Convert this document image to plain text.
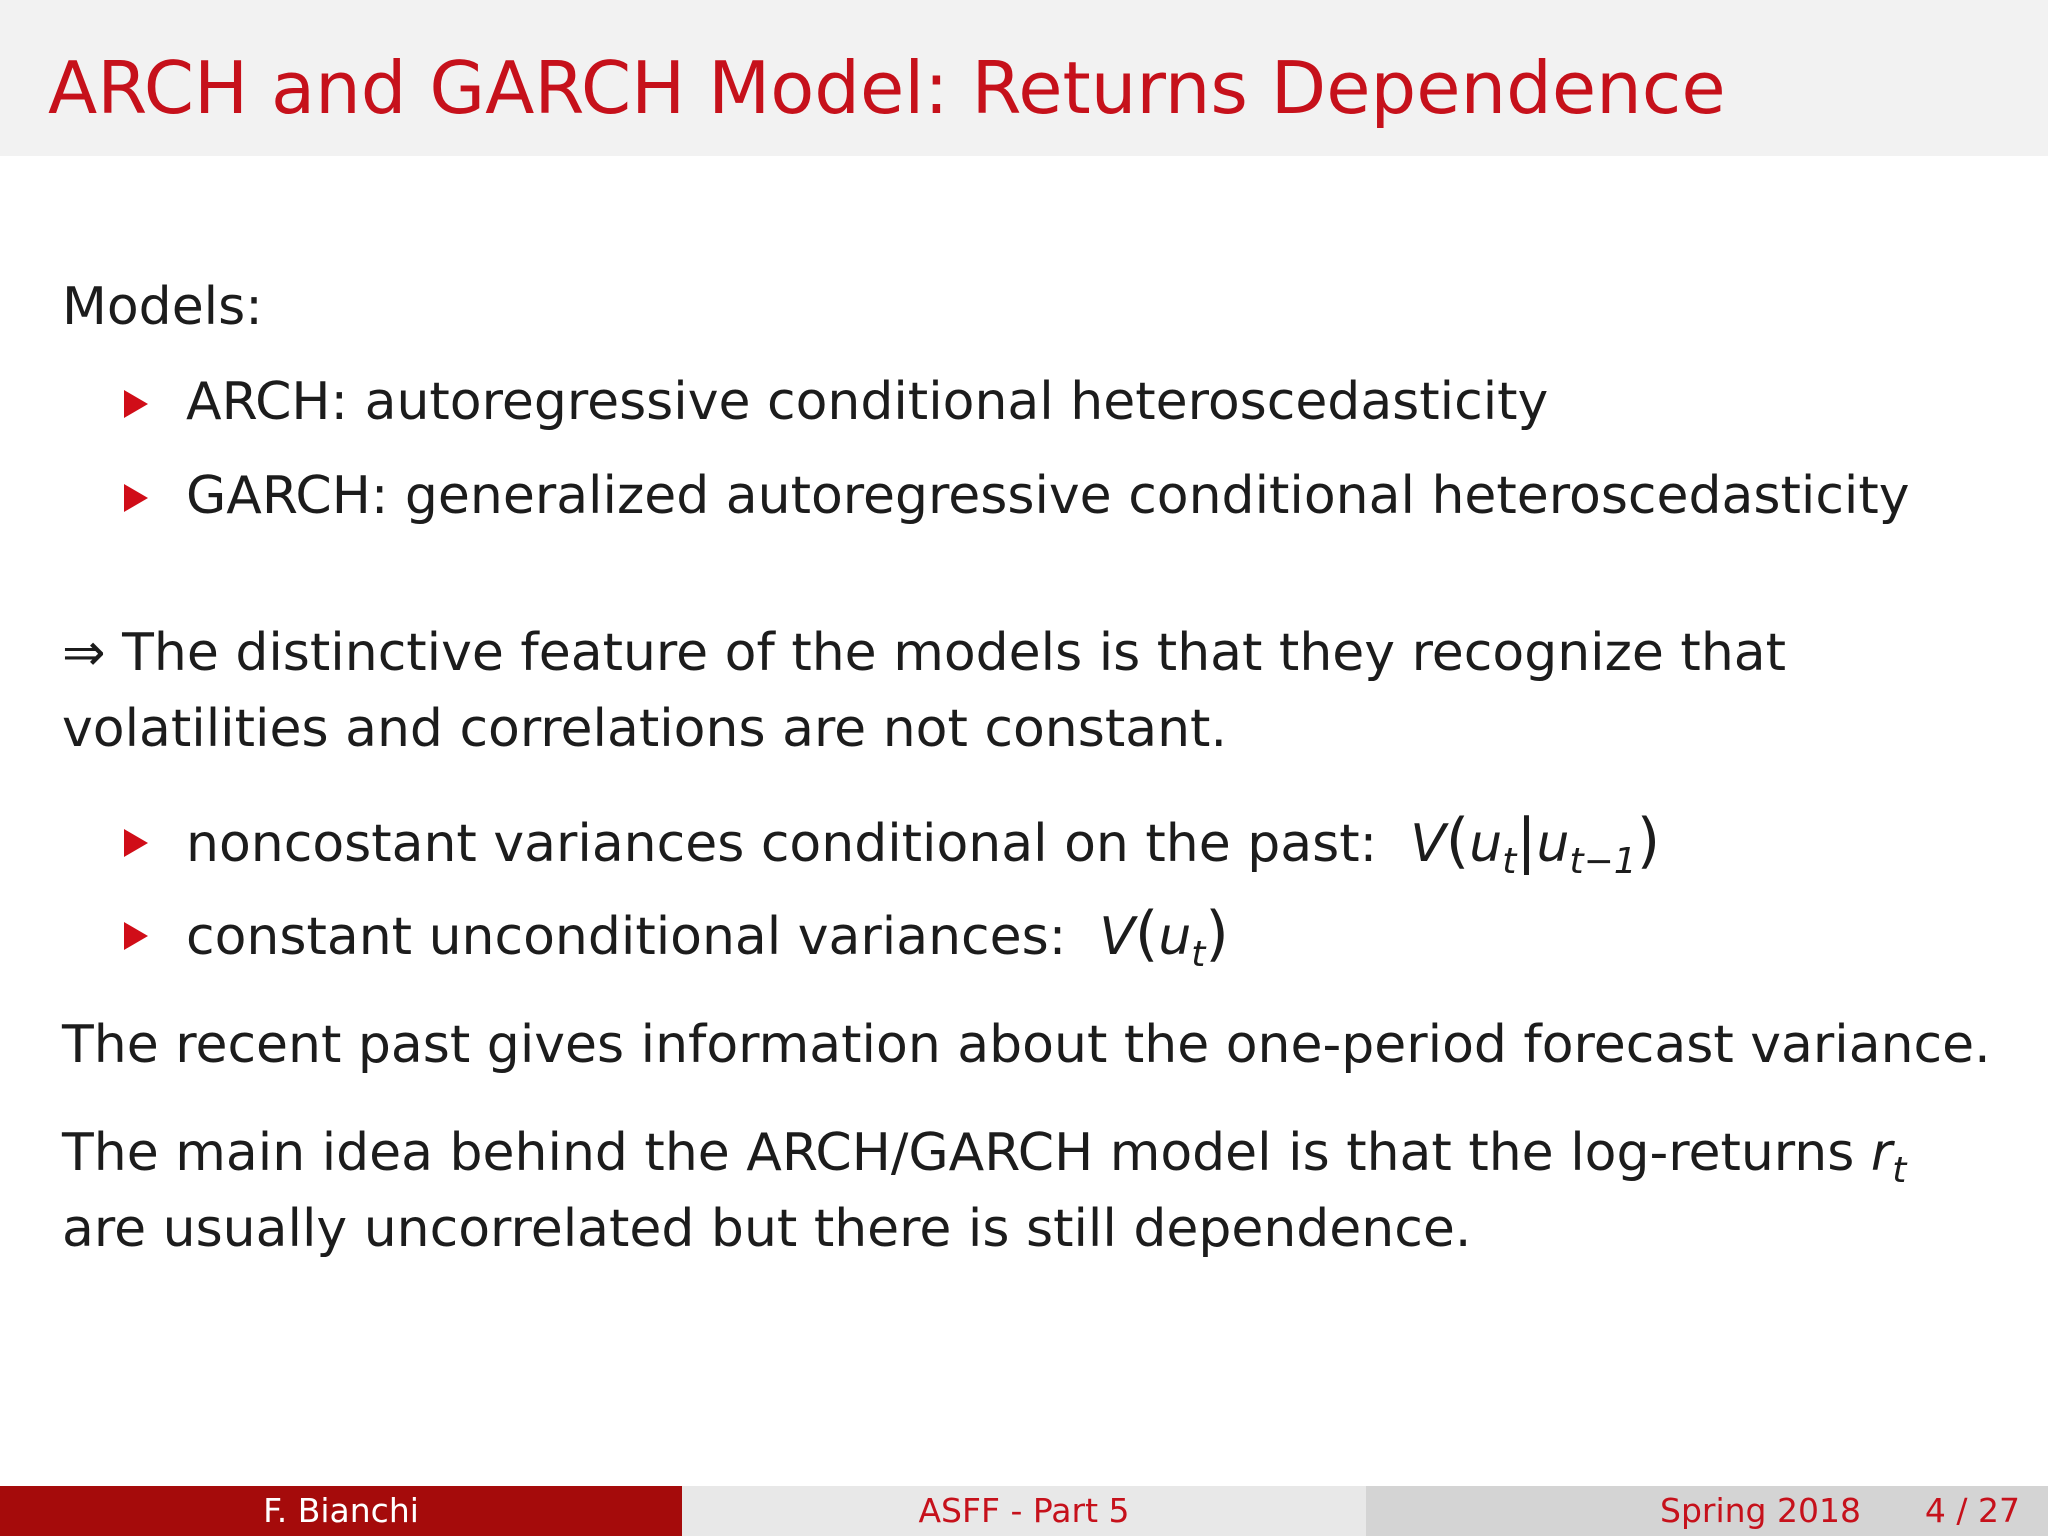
ARCH and GARCH Model: Returns Dependence
Models:
ARCH: autoregressive conditional heteroscedasticity
GARCH: generalized autoregressive conditional heteroscedasticity
⇒ The distinctive feature of the models is that they recognize that
volatilities and correlations are not constant.
noncostant variances conditional on the past: $V(u_t|u_{t-1})$
constant unconditional variances: $V(u_t)$
The recent past gives information about the one-period forecast variance.
The main idea behind the ARCH/GARCH model is that the log-returns $r_t$
are usually uncorrelated but there is still dependence.
F. Bianchi	ASFF - Part 5	Spring 2018 4 / 27
